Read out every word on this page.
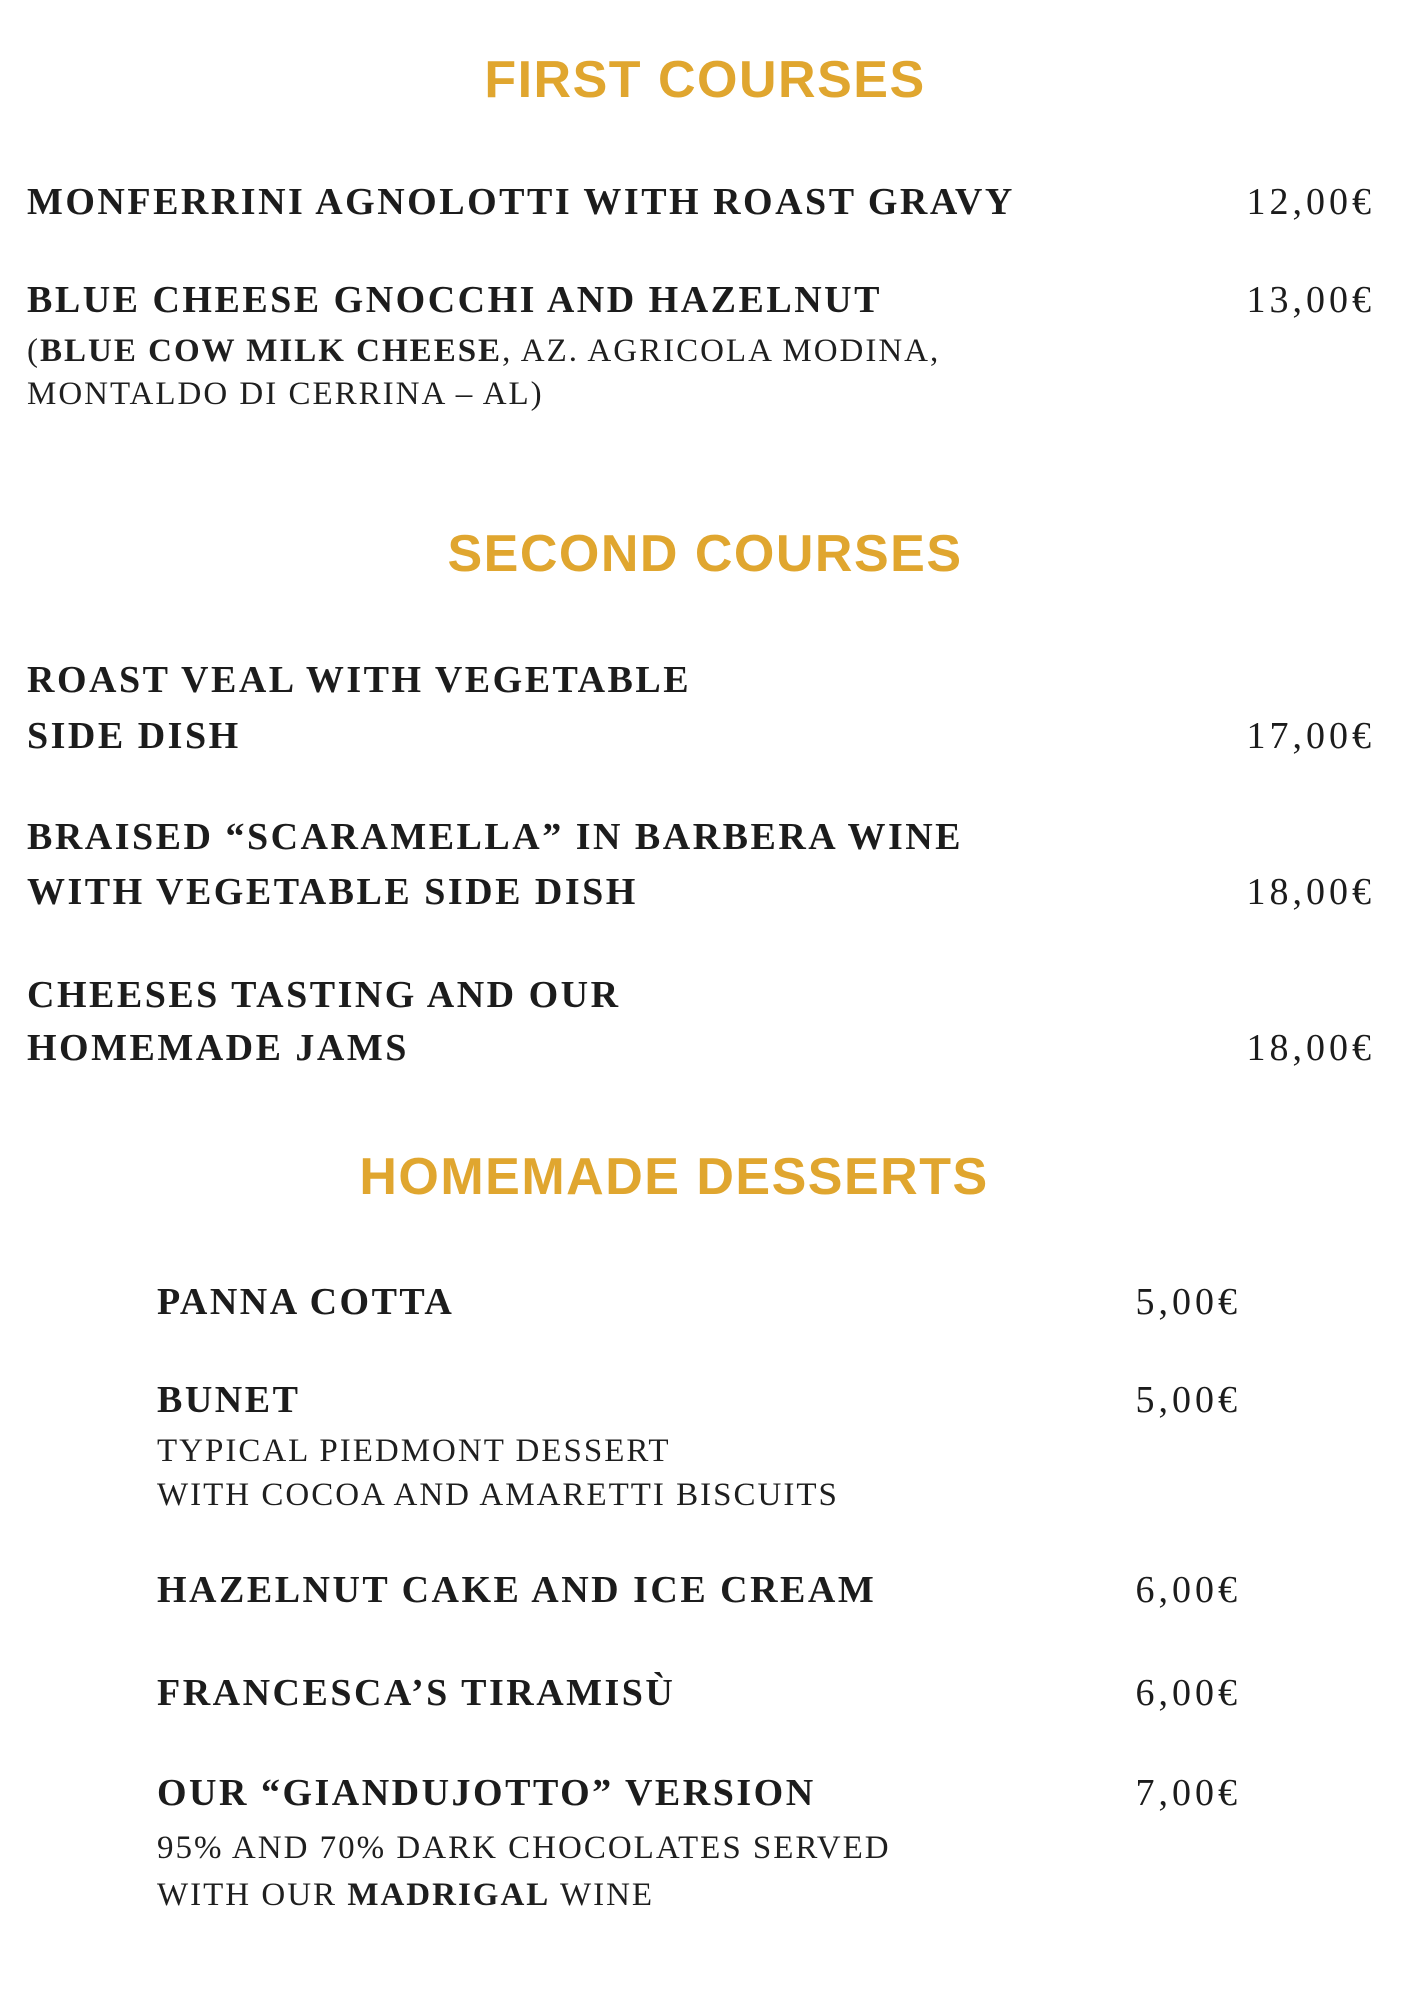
FIRST COURSES
MONFERRINI AGNOLOTTI WITH ROAST GRAVY	12,00€
BLUE CHEESE GNOCCHI AND HAZELNUT	13,00€
(BLUE COW MILK CHEESE, AZ. AGRICOLA MODINA,
MONTALDO DI CERRINA – AL)
SECOND COURSES
ROAST VEAL WITH VEGETABLE
SIDE DISH	17,00€
BRAISED “SCARAMELLA” IN BARBERA WINE
WITH VEGETABLE SIDE DISH	18,00€
CHEESES TASTING AND OUR
HOMEMADE JAMS	18,00€
HOMEMADE DESSERTS
PANNA COTTA	5,00€
BUNET	5,00€
TYPICAL PIEDMONT DESSERT
WITH COCOA AND AMARETTI BISCUITS
HAZELNUT CAKE AND ICE CREAM	6,00€
FRANCESCA’S TIRAMISÙ	6,00€
OUR “GIANDUJOTTO” VERSION	7,00€
95% AND 70% DARK CHOCOLATES SERVED
WITH OUR MADRIGAL WINE
